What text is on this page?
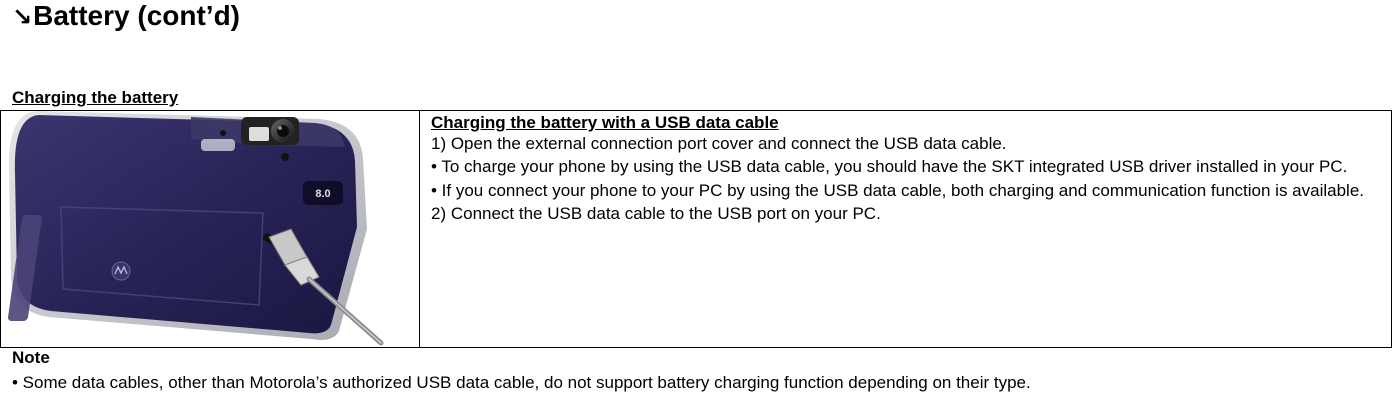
↘Battery (cont’d)
Charging the battery
8.0

Charging the battery with a USB data cable
1) Open the external connection port cover and connect the USB data cable.
• To charge your phone by using the USB data cable, you should have the SKT integrated USB driver installed in your PC.
• If you connect your phone to your PC by using the USB data cable, both charging and communication function is available.
2) Connect the USB data cable to the USB port on your PC.
Note
• Some data cables, other than Motorola’s authorized USB data cable, do not support battery charging function depending on their type.
